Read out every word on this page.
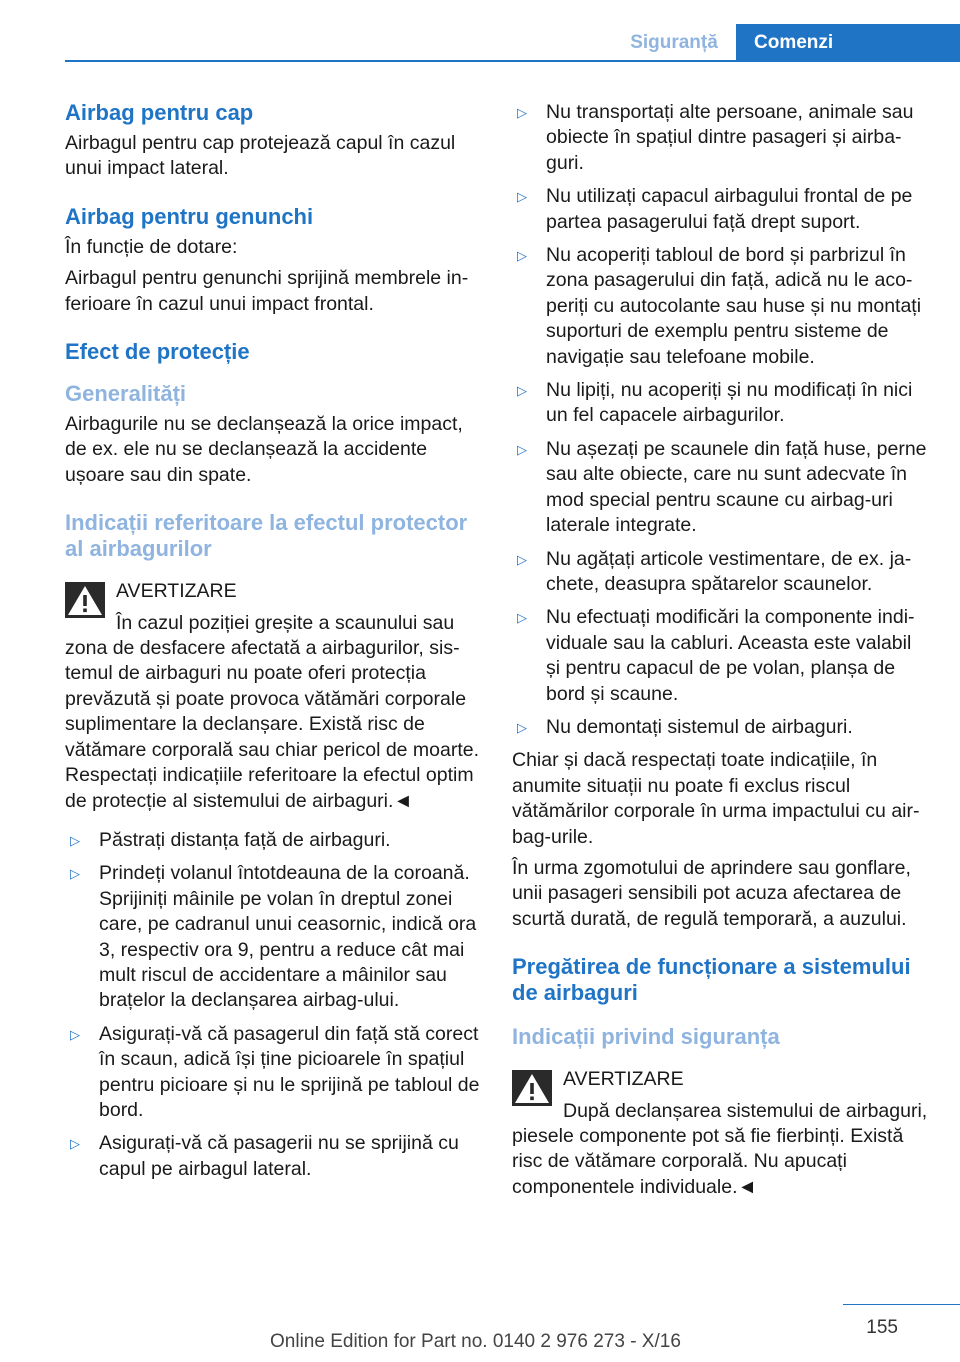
Siguranță	Comenzi
Airbag pentru cap

Airbagul pentru cap protejează capul în cazul unui impact lateral.

Airbag pentru genunchi

În funcție de dotare:

Airbagul pentru genunchi sprijină membrele inferioare în cazul unui impact frontal.

Efect de protecție
Generalități

Airbagurile nu se declanșează la orice impact, de ex. ele nu se declanșează la accidente ușoare sau din spate.

Indicații referitoare la efectul protector al airbagurilor
AVERTIZARE

În cazul poziției greșite a scaunului sau zona de desfacere afectată a airbagurilor, sistemul de airbaguri nu poate oferi protecția prevăzută și poate provoca vătămări corporale suplimentare la declanșare. Există risc de vătămare corporală sau chiar pericol de moarte. Respectați indicațiile referitoare la efectul optim de protecție al sistemului de airbaguri.◄

▷ Păstrați distanța față de airbaguri.
▷ Prindeți volanul întotdeauna de la coroană. Sprijiniți mâinile pe volan în dreptul zonei care, pe cadranul unui ceasornic, indică ora 3, respectiv ora 9, pentru a reduce cât mai mult riscul de accidentare a mâinilor sau brațelor la declanșarea airbag-ului.
▷ Asigurați-vă că pasagerul din față stă corect în scaun, adică își ține picioarele în spațiul pentru picioare și nu le sprijină pe tabloul de bord.
▷ Asigurați-vă că pasagerii nu se sprijină cu capul pe airbagul lateral.
▷ Nu transportați alte persoane, animale sau obiecte în spațiul dintre pasageri și airbaguri.
▷ Nu utilizați capacul airbagului frontal de pe partea pasagerului față drept suport.
▷ Nu acoperiți tabloul de bord și parbrizul în zona pasagerului din față, adică nu le acoperiți cu autocolante sau huse și nu montați suporturi de exemplu pentru sisteme de navigație sau telefoane mobile.
▷ Nu lipiți, nu acoperiți și nu modificați în nici un fel capacele airbagurilor.
▷ Nu așezați pe scaunele din față huse, perne sau alte obiecte, care nu sunt adecvate în mod special pentru scaune cu airbag-uri laterale integrate.
▷ Nu agățați articole vestimentare, de ex. jachete, deasupra spătarelor scaunelor.
▷ Nu efectuați modificări la componente individuale sau la cabluri. Aceasta este valabil și pentru capacul de pe volan, planșa de bord și scaune.
▷ Nu demontați sistemul de airbaguri.

Chiar și dacă respectați toate indicațiile, în anumite situații nu poate fi exclus riscul vătămărilor corporale în urma impactului cu airbag-urile.

În urma zgomotului de aprindere sau gonflare, unii pasageri sensibili pot acuza afectarea de scurtă durată, de regulă temporară, a auzului.

Pregătirea de funcționare a sistemului de airbaguri
Indicații privind siguranța
AVERTIZARE

După declanșarea sistemului de airbaguri, piesele componente pot să fie fierbinți. Există risc de vătămare corporală. Nu apucați componentele individuale.◄

155
Online Edition for Part no. 0140 2 976 273 - X/16
